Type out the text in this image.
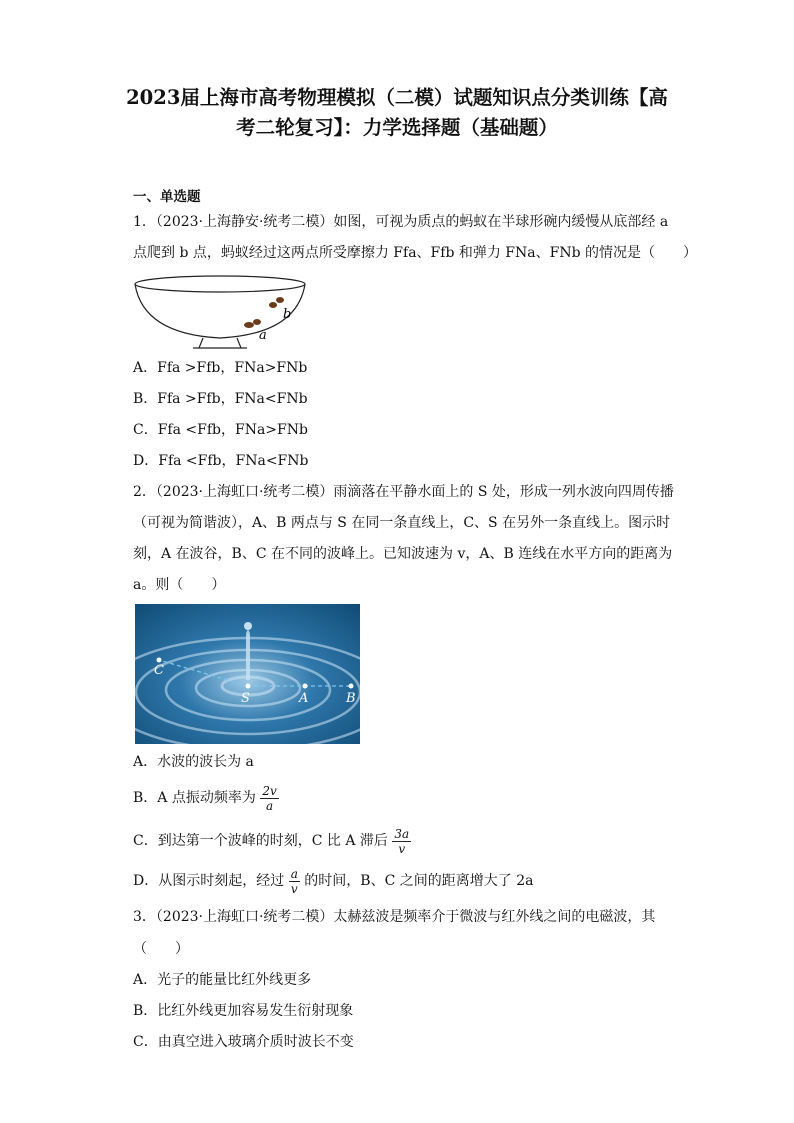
2023届上海市高考物理模拟（二模）试题知识点分类训练【高
考二轮复习】：力学选择题（基础题）
一、单选题
1．（2023·上海静安·统考二模）如图，可视为质点的蚂蚁在半球形碗内缓慢从底部经 a
点爬到 b 点，蚂蚁经过这两点所受摩擦力 Ffa、Ffb 和弹力 FNa、FNb 的情况是（　　）
a
b
A．Ffa >Ffb，FNa>FNb
B．Ffa >Ffb，FNa<FNb
C．Ffa <Ffb，FNa>FNb
D．Ffa <Ffb，FNa<FNb
2．（2023·上海虹口·统考二模）雨滴落在平静水面上的 S 处，形成一列水波向四周传播
（可视为简谐波），A、B 两点与 S 在同一条直线上，C、S 在另外一条直线上。图示时
刻，A 在波谷，B、C 在不同的波峰上。已知波速为 v，A、B 连线在水平方向的距离为
a。则（　　）
C
S	A	B
A．水波的波长为 a
B．A 点振动频率为 $\frac{2v}{a}$
C．到达第一个波峰的时刻，C 比 A 滞后 $\frac{3a}{v}$
D．从图示时刻起，经过 $\frac{a}{v}$ 的时间，B、C 之间的距离增大了 2a
3．（2023·上海虹口·统考二模）太赫兹波是频率介于微波与红外线之间的电磁波，其
（　　）
A．光子的能量比红外线更多
B．比红外线更加容易发生衍射现象
C．由真空进入玻璃介质时波长不变
